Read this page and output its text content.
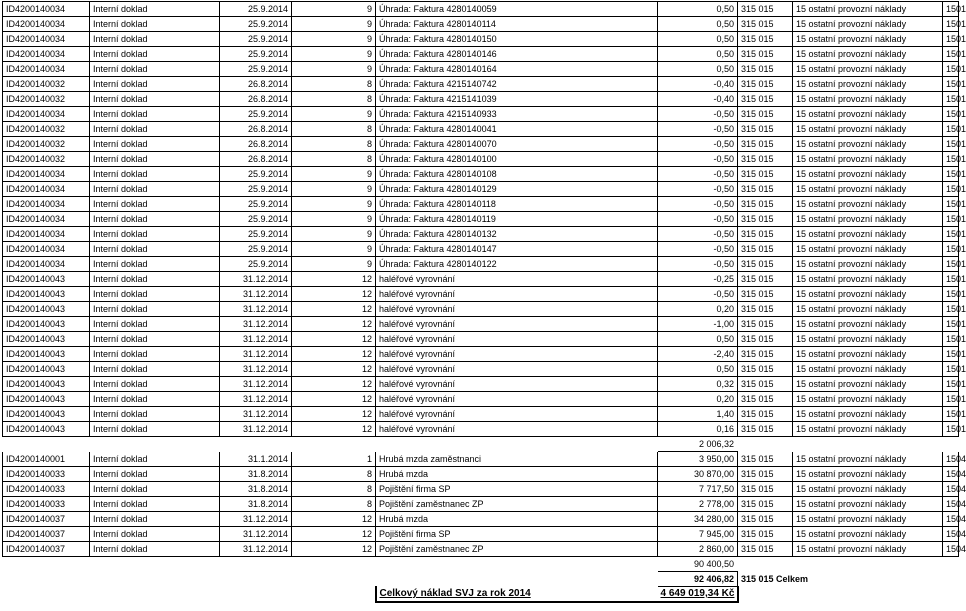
ID4200140034	Interní doklad	25.9.2014	9	Úhrada: Faktura 4280140059	0,50	315 015	15 ostatní provozní náklady	1501
ID4200140034	Interní doklad	25.9.2014	9	Úhrada: Faktura 4280140114	0,50	315 015	15 ostatní provozní náklady	1501
ID4200140034	Interní doklad	25.9.2014	9	Úhrada: Faktura 4280140150	0,50	315 015	15 ostatní provozní náklady	1501
ID4200140034	Interní doklad	25.9.2014	9	Úhrada: Faktura 4280140146	0,50	315 015	15 ostatní provozní náklady	1501
ID4200140034	Interní doklad	25.9.2014	9	Úhrada: Faktura 4280140164	0,50	315 015	15 ostatní provozní náklady	1501
ID4200140032	Interní doklad	26.8.2014	8	Úhrada: Faktura 4215140742	-0,40	315 015	15 ostatní provozní náklady	1501
ID4200140032	Interní doklad	26.8.2014	8	Úhrada: Faktura 4215141039	-0,40	315 015	15 ostatní provozní náklady	1501
ID4200140034	Interní doklad	25.9.2014	9	Úhrada: Faktura 4215140933	-0,50	315 015	15 ostatní provozní náklady	1501
ID4200140032	Interní doklad	26.8.2014	8	Úhrada: Faktura 4280140041	-0,50	315 015	15 ostatní provozní náklady	1501
ID4200140032	Interní doklad	26.8.2014	8	Úhrada: Faktura 4280140070	-0,50	315 015	15 ostatní provozní náklady	1501
ID4200140032	Interní doklad	26.8.2014	8	Úhrada: Faktura 4280140100	-0,50	315 015	15 ostatní provozní náklady	1501
ID4200140034	Interní doklad	25.9.2014	9	Úhrada: Faktura 4280140108	-0,50	315 015	15 ostatní provozní náklady	1501
ID4200140034	Interní doklad	25.9.2014	9	Úhrada: Faktura 4280140129	-0,50	315 015	15 ostatní provozní náklady	1501
ID4200140034	Interní doklad	25.9.2014	9	Úhrada: Faktura 4280140118	-0,50	315 015	15 ostatní provozní náklady	1501
ID4200140034	Interní doklad	25.9.2014	9	Úhrada: Faktura 4280140119	-0,50	315 015	15 ostatní provozní náklady	1501
ID4200140034	Interní doklad	25.9.2014	9	Úhrada: Faktura 4280140132	-0,50	315 015	15 ostatní provozní náklady	1501
ID4200140034	Interní doklad	25.9.2014	9	Úhrada: Faktura 4280140147	-0,50	315 015	15 ostatní provozní náklady	1501
ID4200140034	Interní doklad	25.9.2014	9	Úhrada: Faktura 4280140122	-0,50	315 015	15 ostatní provozní náklady	1501
ID4200140043	Interní doklad	31.12.2014	12	haléřové vyrovnání	-0,25	315 015	15 ostatní provozní náklady	1501
ID4200140043	Interní doklad	31.12.2014	12	haléřové vyrovnání	-0,50	315 015	15 ostatní provozní náklady	1501
ID4200140043	Interní doklad	31.12.2014	12	haléřové vyrovnání	0,20	315 015	15 ostatní provozní náklady	1501
ID4200140043	Interní doklad	31.12.2014	12	haléřové vyrovnání	-1,00	315 015	15 ostatní provozní náklady	1501
ID4200140043	Interní doklad	31.12.2014	12	haléřové vyrovnání	0,50	315 015	15 ostatní provozní náklady	1501
ID4200140043	Interní doklad	31.12.2014	12	haléřové vyrovnání	-2,40	315 015	15 ostatní provozní náklady	1501
ID4200140043	Interní doklad	31.12.2014	12	haléřové vyrovnání	0,50	315 015	15 ostatní provozní náklady	1501
ID4200140043	Interní doklad	31.12.2014	12	haléřové vyrovnání	0,32	315 015	15 ostatní provozní náklady	1501
ID4200140043	Interní doklad	31.12.2014	12	haléřové vyrovnání	0,20	315 015	15 ostatní provozní náklady	1501
ID4200140043	Interní doklad	31.12.2014	12	haléřové vyrovnání	1,40	315 015	15 ostatní provozní náklady	1501
ID4200140043	Interní doklad	31.12.2014	12	haléřové vyrovnání	0,16	315 015	15 ostatní provozní náklady	1501
					2 006,32			
ID4200140001	Interní doklad	31.1.2014	1	Hrubá mzda zaměstnanci	3 950,00	315 015	15 ostatní provozní náklady	1504
ID4200140033	Interní doklad	31.8.2014	8	Hrubá mzda	30 870,00	315 015	15 ostatní provozní náklady	1504
ID4200140033	Interní doklad	31.8.2014	8	Pojištění firma SP	7 717,50	315 015	15 ostatní provozní náklady	1504
ID4200140033	Interní doklad	31.8.2014	8	Pojištění zaměstnanec ZP	2 778,00	315 015	15 ostatní provozní náklady	1504
ID4200140037	Interní doklad	31.12.2014	12	Hrubá mzda	34 280,00	315 015	15 ostatní provozní náklady	1504
ID4200140037	Interní doklad	31.12.2014	12	Pojištění firma SP	7 945,00	315 015	15 ostatní provozní náklady	1504
ID4200140037	Interní doklad	31.12.2014	12	Pojištění zaměstnanec ZP	2 860,00	315 015	15 ostatní provozní náklady	1504
					90 400,50			
					92 406,82	315 015 Celkem		
				Celkový náklad SVJ za rok 2014	4 649 019,34 Kč			
